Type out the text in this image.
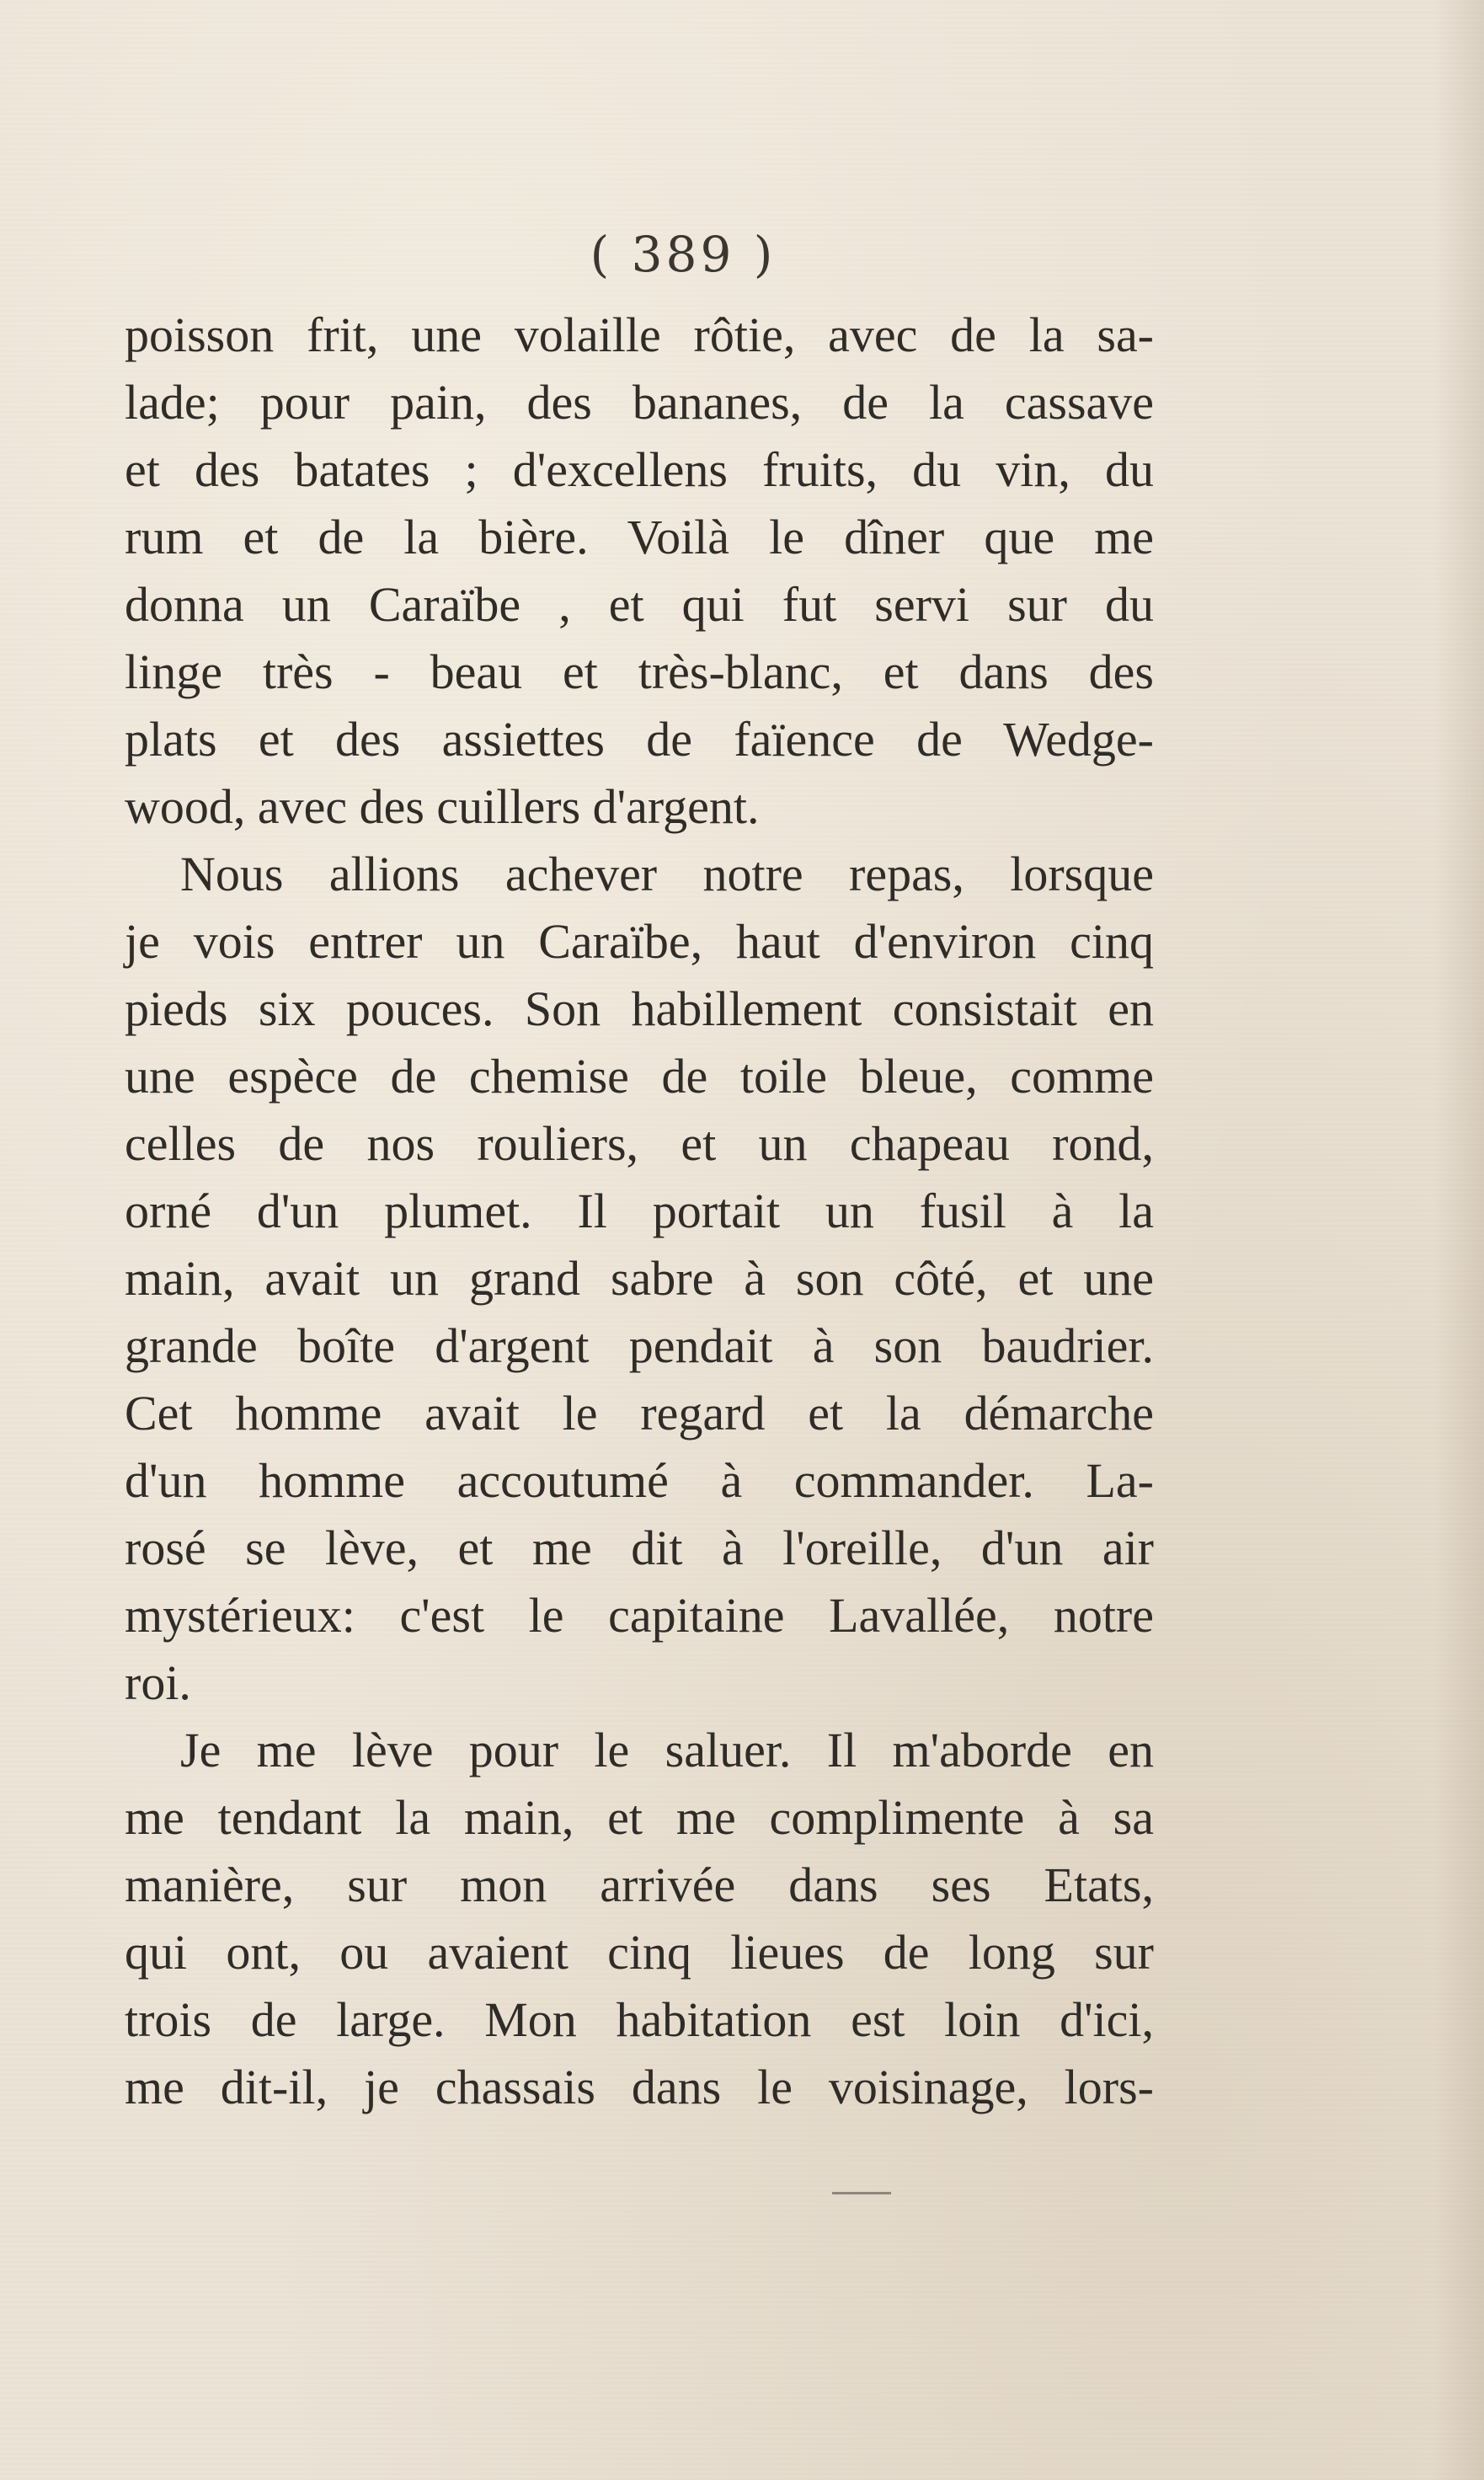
( 389 )
poisson frit, une volaille rôtie, avec de la sa-
lade; pour pain, des bananes, de la cassave
et des batates ; d'excellens fruits, du vin, du
rum et de la bière. Voilà le dîner que me
donna un Caraïbe , et qui fut servi sur du
linge très - beau et très-blanc, et dans des
plats et des assiettes de faïence de Wedge-
wood, avec des cuillers d'argent.
Nous allions achever notre repas, lorsque
je vois entrer un Caraïbe, haut d'environ cinq
pieds six pouces. Son habillement consistait en
une espèce de chemise de toile bleue, comme
celles de nos rouliers, et un chapeau rond,
orné d'un plumet. Il portait un fusil à la
main, avait un grand sabre à son côté, et une
grande boîte d'argent pendait à son baudrier.
Cet homme avait le regard et la démarche
d'un homme accoutumé à commander. La-
rosé se lève, et me dit à l'oreille, d'un air
mystérieux: c'est le capitaine Lavallée, notre
roi.
Je me lève pour le saluer. Il m'aborde en
me tendant la main, et me complimente à sa
manière, sur mon arrivée dans ses Etats,
qui ont, ou avaient cinq lieues de long sur
trois de large. Mon habitation est loin d'ici,
me dit-il, je chassais dans le voisinage, lors-
